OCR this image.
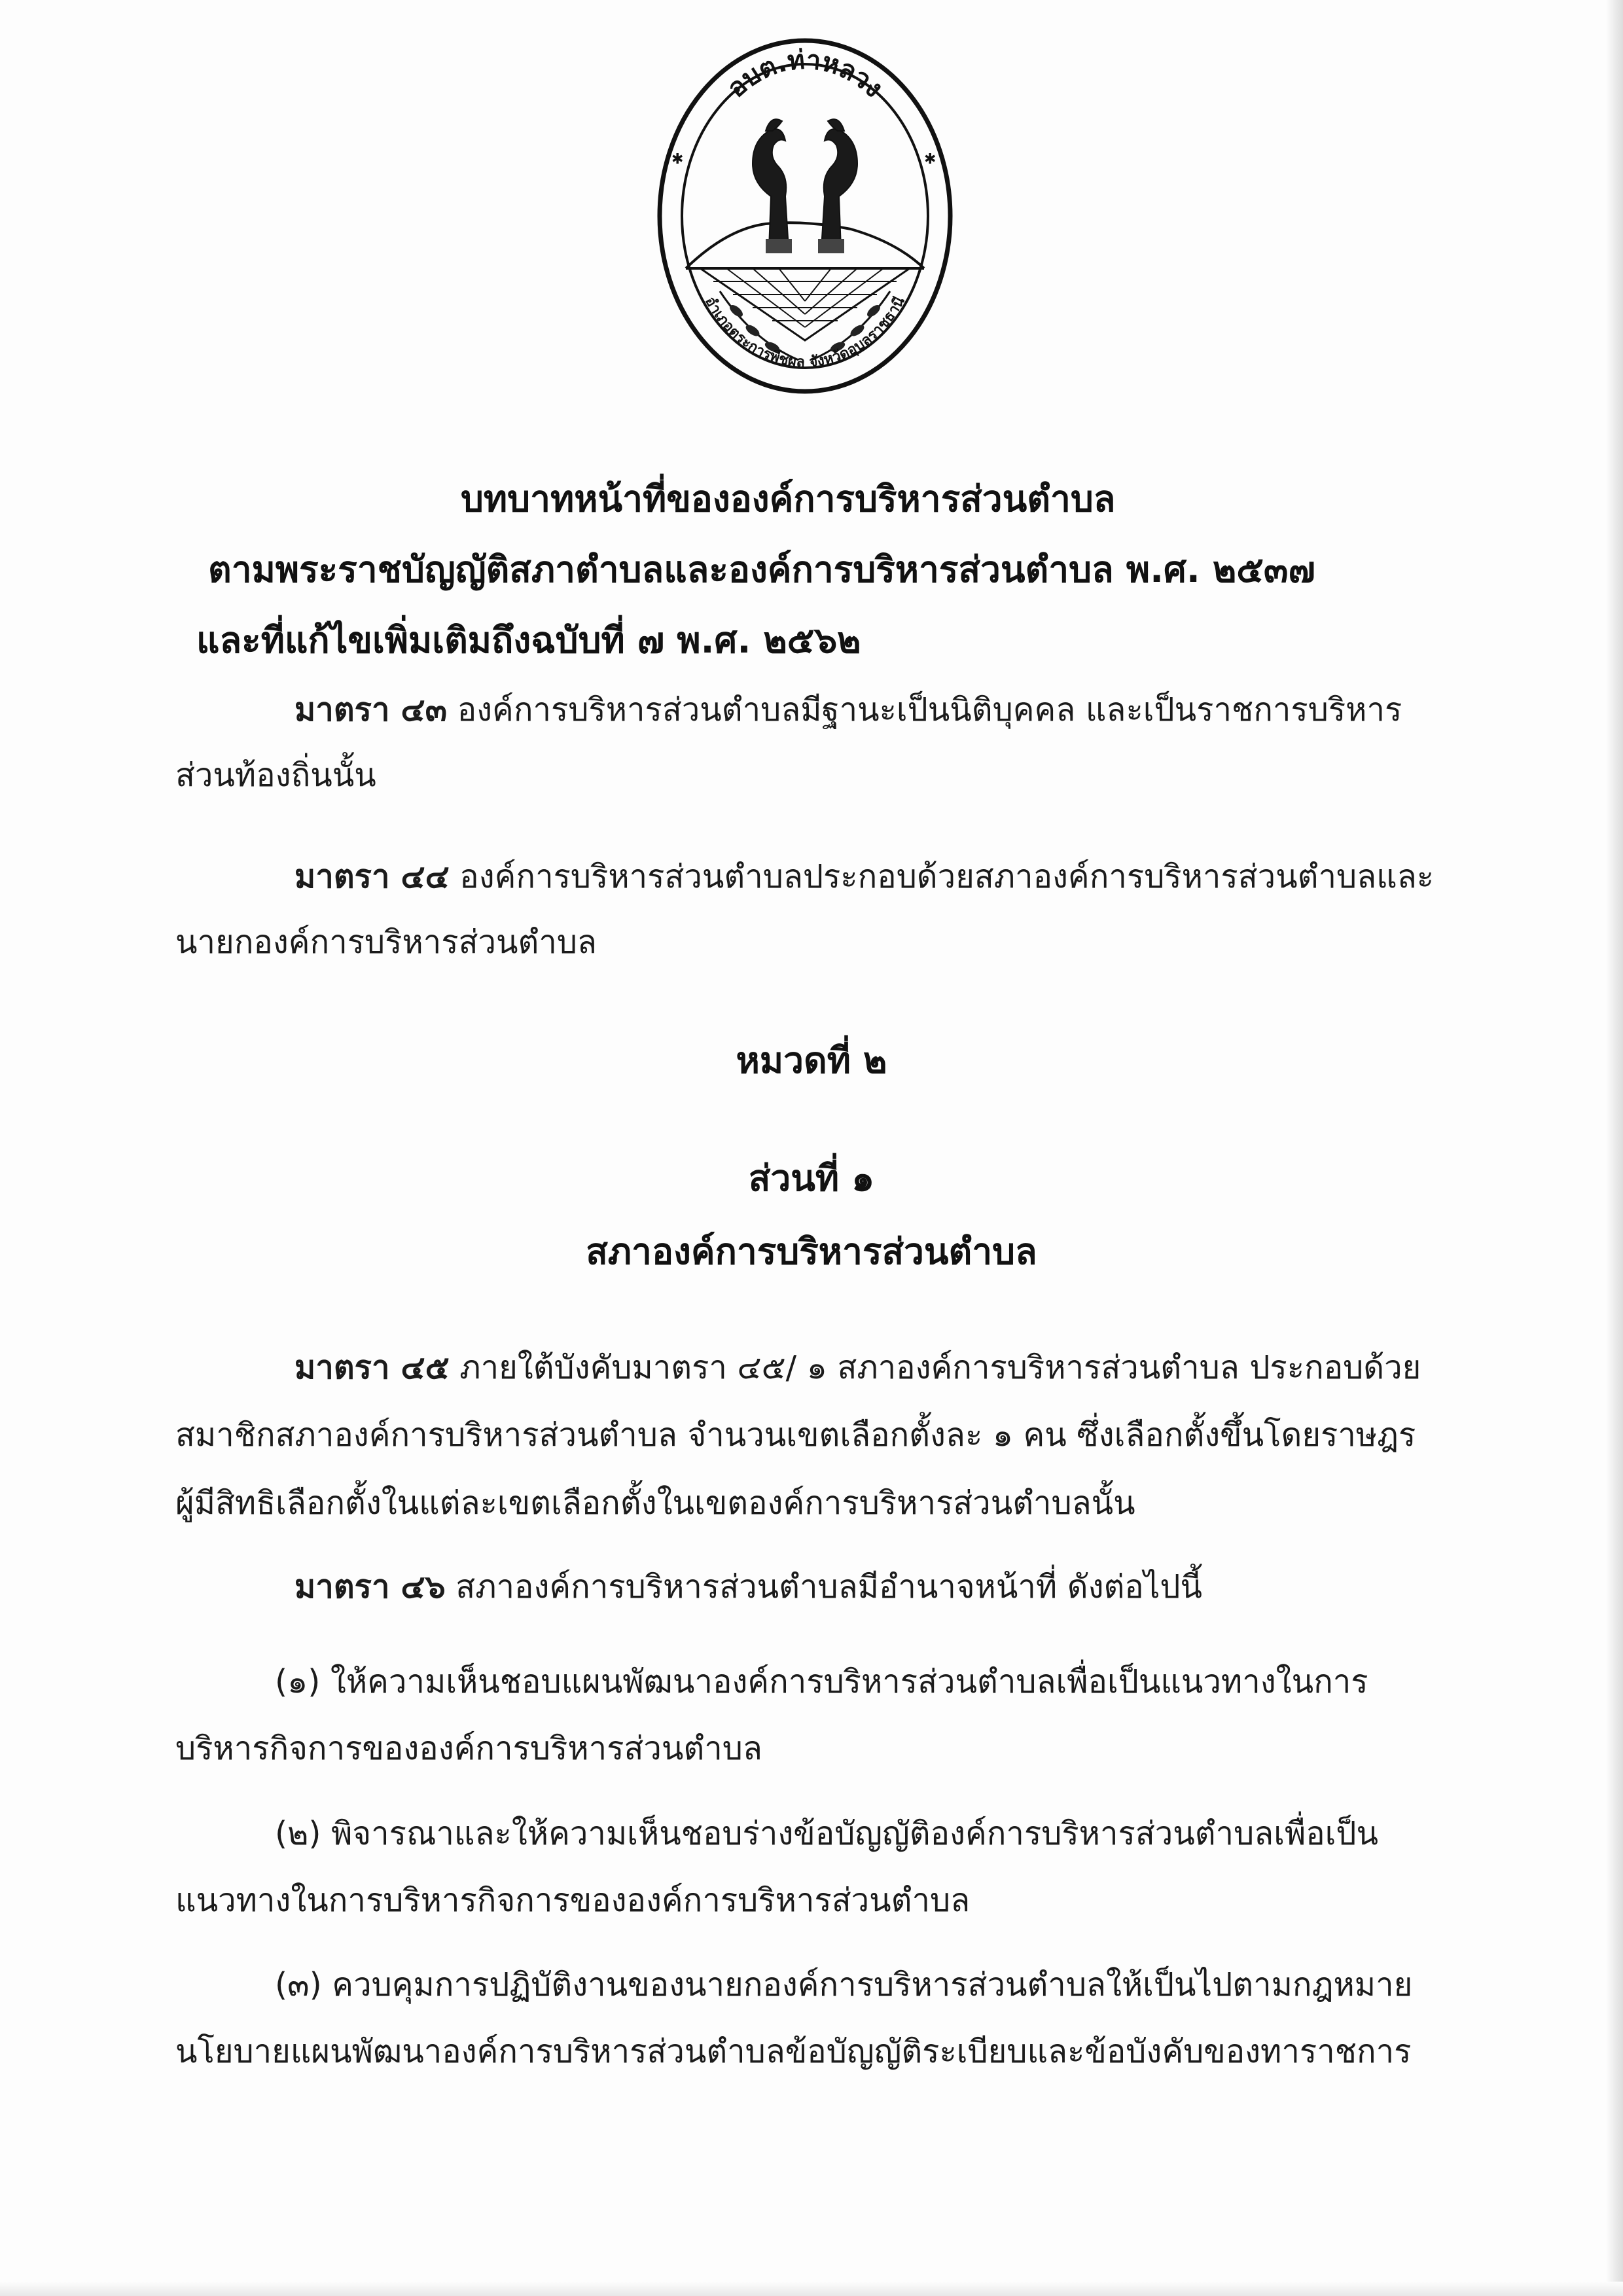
✱	✱
อบต.ท่าหลวง
อำเภอตระการพืชผล จังหวัดอุบลราชธานี

บทบาทหน้าที่ขององค์การบริหารส่วนตำบล

ตามพระราชบัญญัติสภาตำบลและองค์การบริหารส่วนตำบล พ.ศ. ๒๕๓๗

และที่แก้ไขเพิ่มเติมถึงฉบับที่ ๗ พ.ศ. ๒๕๖๒

มาตรา ๔๓ องค์การบริหารส่วนตำบลมีฐานะเป็นนิติบุคคล และเป็นราชการบริหาร

ส่วนท้องถิ่นนั้น

มาตรา ๔๔ องค์การบริหารส่วนตำบลประกอบด้วยสภาองค์การบริหารส่วนตำบลและ

นายกองค์การบริหารส่วนตำบล

หมวดที่ ๒

ส่วนที่ ๑

สภาองค์การบริหารส่วนตำบล

มาตรา ๔๕ ภายใต้บังคับมาตรา ๔๕/ ๑ สภาองค์การบริหารส่วนตำบล ประกอบด้วย

สมาชิกสภาองค์การบริหารส่วนตำบล จำนวนเขตเลือกตั้งละ ๑ คน ซึ่งเลือกตั้งขึ้นโดยราษฎร

ผู้มีสิทธิเลือกตั้งในแต่ละเขตเลือกตั้งในเขตองค์การบริหารส่วนตำบลนั้น

มาตรา ๔๖ สภาองค์การบริหารส่วนตำบลมีอำนาจหน้าที่ ดังต่อไปนี้

(๑) ให้ความเห็นชอบแผนพัฒนาองค์การบริหารส่วนตำบลเพื่อเป็นแนวทางในการ

บริหารกิจการขององค์การบริหารส่วนตำบล

(๒) พิจารณาและให้ความเห็นชอบร่างข้อบัญญัติองค์การบริหารส่วนตำบลเพื่อเป็น

แนวทางในการบริหารกิจการขององค์การบริหารส่วนตำบล

(๓) ควบคุมการปฏิบัติงานของนายกองค์การบริหารส่วนตำบลให้เป็นไปตามกฎหมาย

นโยบายแผนพัฒนาองค์การบริหารส่วนตำบลข้อบัญญัติระเบียบและข้อบังคับของทาราชการ
